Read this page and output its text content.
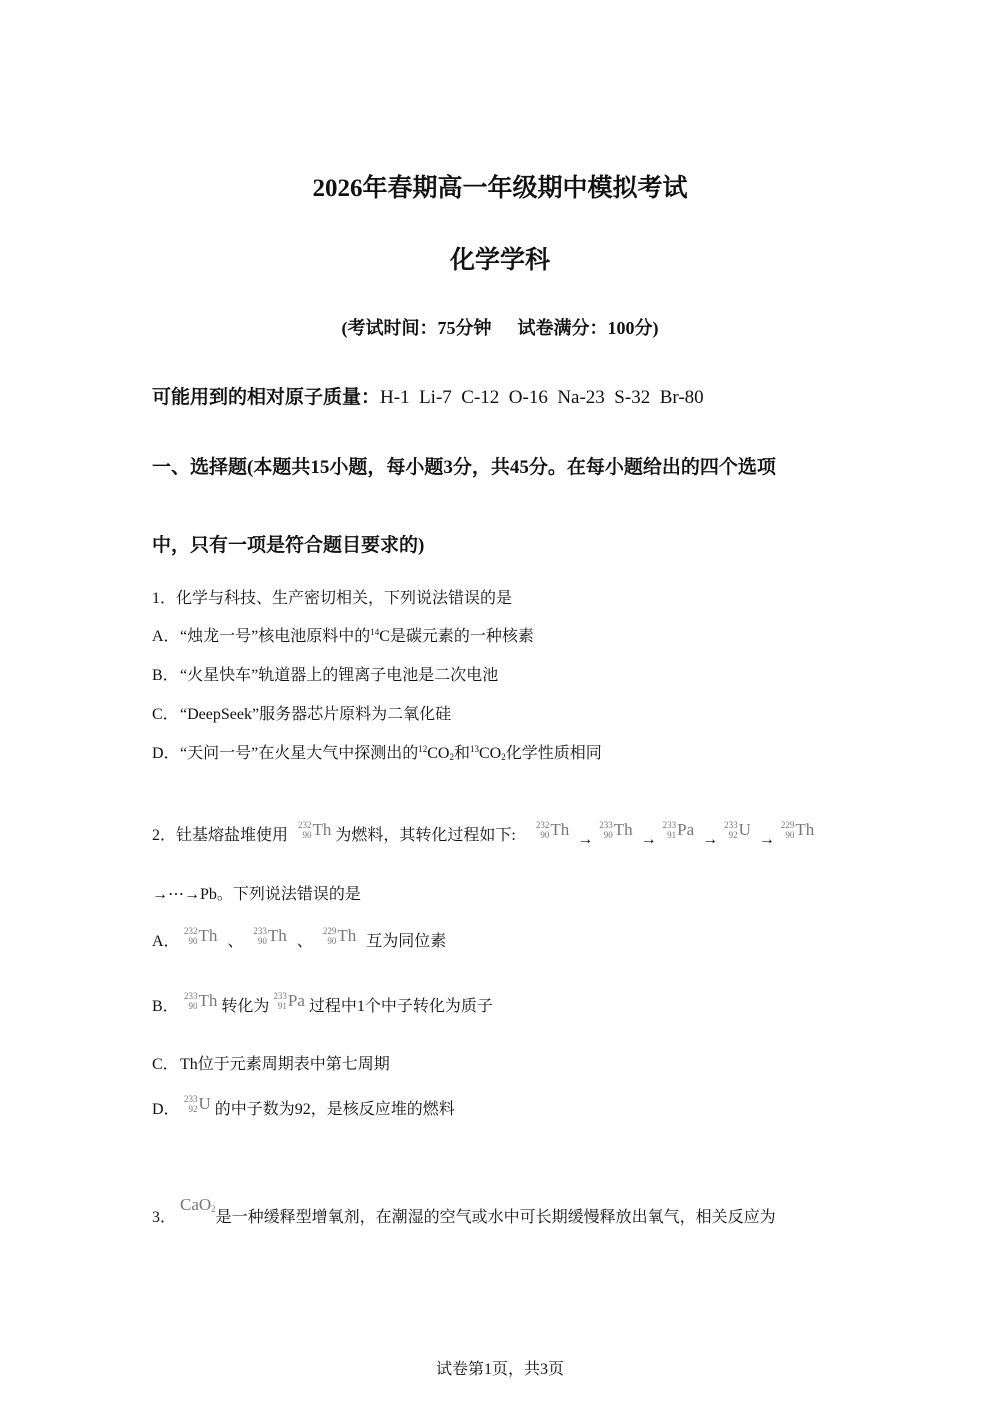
2026年春期高一年级期中模拟考试
化学学科
(考试时间：75分钟 试卷满分：100分)
可能用到的相对原子质量：H-1  Li-7  C-12  O-16  Na-23  S-32  Br-80
一、选择题(本题共15小题，每小题3分，共45分。在每小题给出的四个选项
中，只有一项是符合题目要求的)
1．化学与科技、生产密切相关，下列说法错误的是
A．“烛龙一号”核电池原料中的$^{14}$C是碳元素的一种核素
B．“火星快车”轨道器上的锂离子电池是二次电池
C．“DeepSeek”服务器芯片原料为二氧化硅
D．“天问一号”在火星大气中探测出的$^{12}CO_2$和$^{13}CO_2$化学性质相同
2．钍基熔盐堆使用
232
90 Th 为燃料，其转化过程如下:
232
90 Th
→
233
90 Th
→
233
91 Pa
→
233
92 U
→
229
90 Th
→⋯→Pb。下列说法错误的是
A．
232
90 Th 、
233
90 Th 、
229
90 Th 互为同位素
B．
233
90 Th 转化为
233
91 Pa 过程中1个中子转化为质子
C．Th位于元素周期表中第七周期
D．
233
92 U 的中子数为92，是核反应堆的燃料
3．CaO$_2$是一种缓释型增氧剂，在潮湿的空气或水中可长期缓慢释放出氧气，相关反应为
试卷第1页，共3页
